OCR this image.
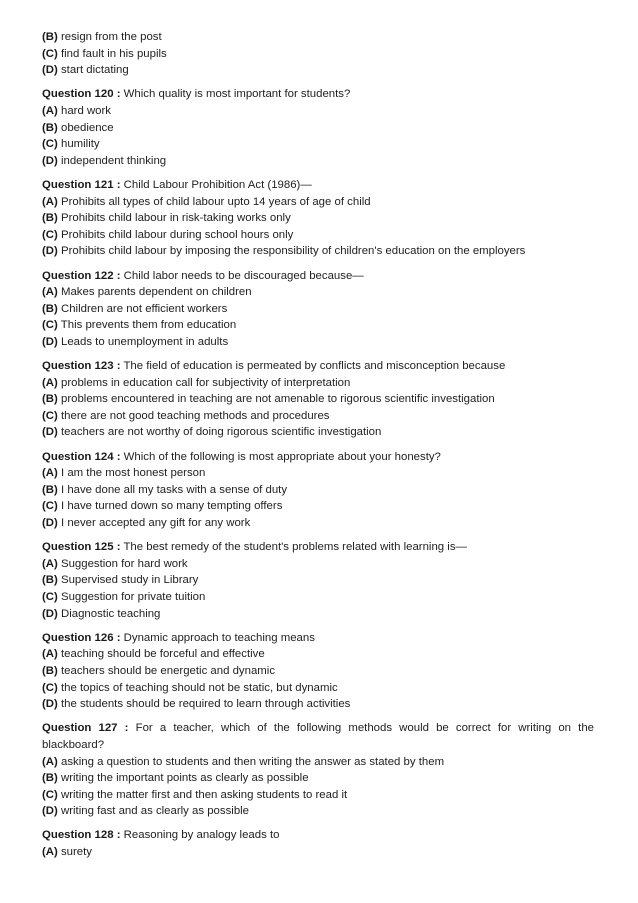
(B) resign from the post
(C) find fault in his pupils
(D) start dictating
Question 120 : Which quality is most important for students?
(A) hard work
(B) obedience
(C) humility
(D) independent thinking
Question 121 : Child Labour Prohibition Act (1986)—
(A) Prohibits all types of child labour upto 14 years of age of child
(B) Prohibits child labour in risk-taking works only
(C) Prohibits child labour during school hours only
(D) Prohibits child labour by imposing the responsibility of children's education on the employers
Question 122 : Child labor needs to be discouraged because—
(A) Makes parents dependent on children
(B) Children are not efficient workers
(C) This prevents them from education
(D) Leads to unemployment in adults
Question 123 : The field of education is permeated by conflicts and misconception because
(A) problems in education call for subjectivity of interpretation
(B) problems encountered in teaching are not amenable to rigorous scientific investigation
(C) there are not good teaching methods and procedures
(D) teachers are not worthy of doing rigorous scientific investigation
Question 124 : Which of the following is most appropriate about your honesty?
(A) I am the most honest person
(B) I have done all my tasks with a sense of duty
(C) I have turned down so many tempting offers
(D) I never accepted any gift for any work
Question 125 : The best remedy of the student's problems related with learning is—
(A) Suggestion for hard work
(B) Supervised study in Library
(C) Suggestion for private tuition
(D) Diagnostic teaching
Question 126 : Dynamic approach to teaching means
(A) teaching should be forceful and effective
(B) teachers should be energetic and dynamic
(C) the topics of teaching should not be static, but dynamic
(D) the students should be required to learn through activities
Question 127 : For a teacher, which of the following methods would be correct for writing on the blackboard?
(A) asking a question to students and then writing the answer as stated by them
(B) writing the important points as clearly as possible
(C) writing the matter first and then asking students to read it
(D) writing fast and as clearly as possible
Question 128 : Reasoning by analogy leads to
(A) surety
